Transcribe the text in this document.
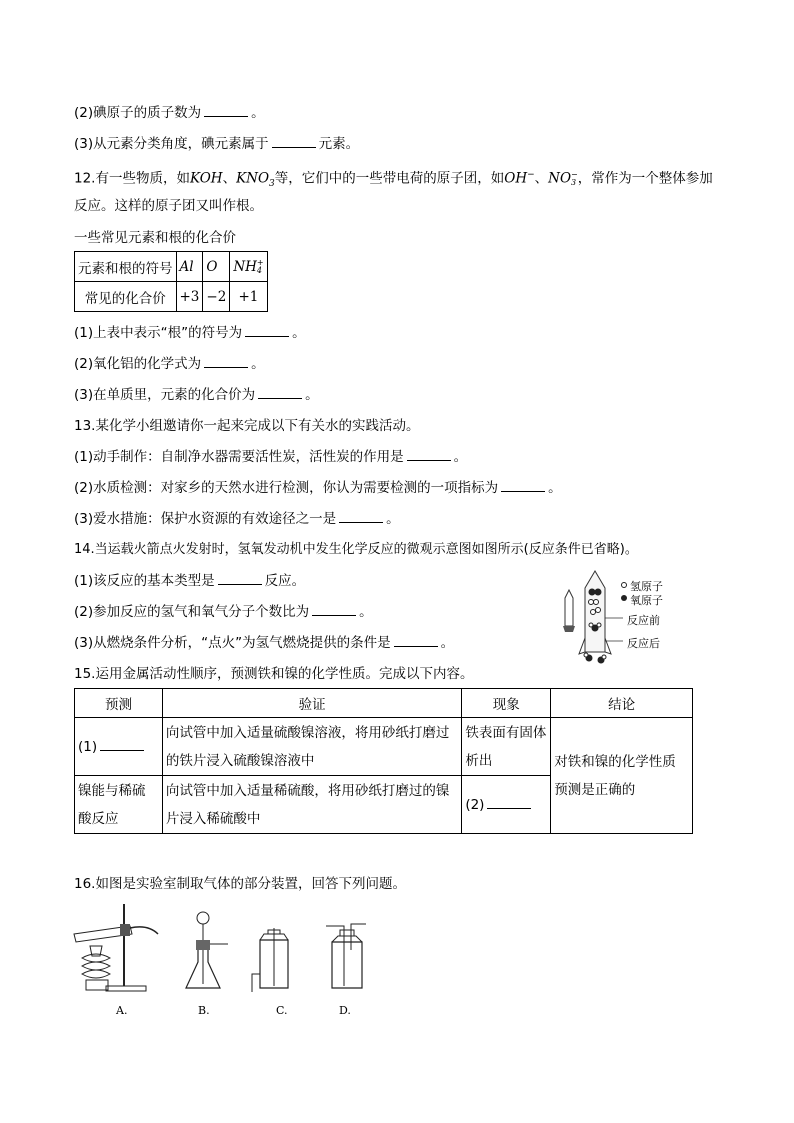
(2)碘原子的质子数为	。
(3)从元素分类角度，碘元素属于	元素。
12.有一些物质，如KOH、$KNO_3$等，它们中的一些带电荷的原子团，如OH−、NO −
3 ，常作为一个整体参加
反应。这样的原子团又叫作根。
一些常见元素和根的化合价
元素和根的符号	Al	O	NH +
4

常见的化合价	+3	−2	+1
(1)上表中表示“根”的符号为	。
(2)氧化铝的化学式为	。
(3)在单质里，元素的化合价为	。
13.某化学小组邀请你一起来完成以下有关水的实践活动。
(1)动手制作：自制净水器需要活性炭，活性炭的作用是	。
(2)水质检测：对家乡的天然水进行检测，你认为需要检测的一项指标为	。
(3)爱水措施：保护水资源的有效途径之一是	。
14.当运载火箭点火发射时，氢氧发动机中发生化学反应的微观示意图如图所示(反应条件已省略)。
(1)该反应的基本类型是	反应。
(2)参加反应的氢气和氧气分子个数比为	。
(3)从燃烧条件分析，“点火”为氢气燃烧提供的条件是	。
氢原子
氧原子
反应前
反应后
15.运用金属活动性顺序，预测铁和镍的化学性质。完成以下内容。
预测	验证	现象	结论
(1)	向试管中加入适量硫酸镍溶液，将用砂纸打磨过的铁片浸入硫酸镍溶液中	铁表面有固体析出	对铁和镍的化学性质预测是正确的
镍能与稀硫酸反应	向试管中加入适量稀硫酸，将用砂纸打磨过的镍片浸入稀硫酸中	(2)	
16.如图是实验室制取气体的部分装置，回答下列问题。
A.	B.	C.	D.
